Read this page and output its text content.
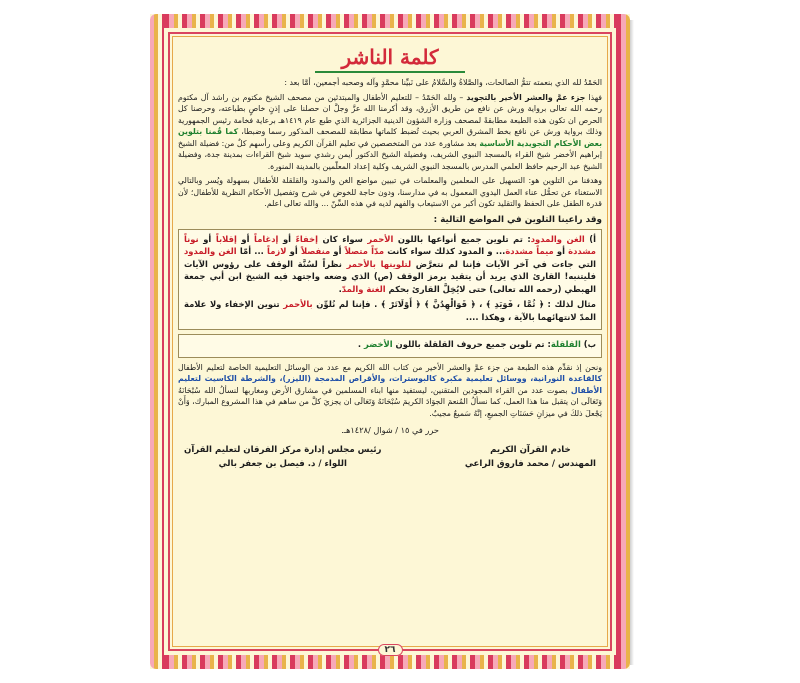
كلمة الناشر

الحَمْدُ لله الذي بنعمته تتمُّ الصالحات، والصَّلاةُ والسَّلامُ على نَبيِّنا محمَّدٍ وآله وصحبه أجمعين، أمَّا بعد :

فهذا جزء عمَّ والعشر الأخير بالتجويد – ولله الحَمْدُ – للتعليم الأطفال والمبتدئين من مصحف الشيخ مكتوم بن راشد آل مكتوم رحمه الله تعالى برواية ورش عن نافع من طريق الأزرق، وقد أكرمنا الله عزَّ وجلَّ ان حصلنا على إذنٍ خاصٍ بطباعته، وحرصنا كل الحرص ان تكون هذه الطبعة مطابقةً لمصحف وزارة الشؤون الدينية الجزائرية الذي طبع عام ١٤١٩هـ برعاية فخامة رئيس الجمهورية وذلك برواية ورش عن نافع بخط المشرق العربي بحيث تُضبط كلماتها مطابقة للمصحف المذكور رسما وضبطا، كما قُمنا بتلوين بعض الأحكام التجويدية الأساسية بعد مشاورة عدد من المتخصصين في تعليم القرآن الكريم وعلى رأسهم كلٌ من: فضيلة الشيخ إبراهيم الأخضر شيخ القراء بالمسجد النبوي الشريف، وفضيلة الشيخ الدكتور أيمن رشدي سويد شيخ القراءات بمدينة جدة، وفضيلة الشيخ عبد الرحيم حافظ العلمي المدرس بالمسجد النبوي الشريف وكلية إعداد المعلّمين بالمدينة المنورة.

وهدفنا من التلوين هو: التسهيل على المعلمين والمعلمات في تبيين مواضع الغن والمدود والقلقلة للأطفال بسهولة ويُسر وبالتالي الاستغناء عن تحمُّل عناء العمل اليدوي المعمول به في مدارسنا، ودون حاجة للخوض في شرح وتفصيل الأحكام النظرية للأطفال؛ لأن قدرة الطفل على الحفظ والتقليد تكون أكبر من الاستيعاب والفهم لديه في هذه السِّنّ ... والله تعالى اعلم.

وقد راعينا التلوين في المواضع التالية :

أ) الغن والمدود: تم تلوين جميع أنواعها باللون الأحمر سواء كان إخفاءً أو إدغاماً أو إقلاباً أو نوناً مشددة أو ميماً مشددة... و المدود كذلك سواء كانت مدّاً متصلاً أو منفصلاً أو لازماً ... أمّا الغن والمدود التي جاءت في آخر الآيات فإننا لم نتعرَّض لتلوينها بالأحمر نظراً لسُنَّة الوقف على رؤوس الآيات فليتنبه! القارئ الذي يريد أن يتقيد برمز الوقف (ص) الذي وضعه واجتهد فيه الشيخ ابن أبي جمعة الهبطي (رحمه الله تعالى) حتى لايُخِلَّ القارئ بحكم الغنة والمدّ.

مثال لذلك : ﴿ ثُمَّا ، فَوَيَدِ ﴾ ، ﴿ قَوَالْهِدُنَّ ﴾ ﴿ أَوْلَاتَرْ ﴾ . فإننا لم نُلوِّن بالأحمر تنوين الإخفاء ولا علامة المدّ لانتهائهما بالآية ، وهكذا ....

ب) القلقلة: تم تلوين جميع حروف القلقلة باللون الأخضر .

ونحن إذ نقدِّم هذه الطبعة من جزء عمَّ والعشر الأخير من كتاب الله الكريم مع عدد من الوسائل التعليمية الخاصة لتعليم الأطفال كالقاعدة النورانية، ووسائل تعليمية مكبرة كالبوسترات، والأقراص المدمجة (الليزر)، والشرطة الكاسيت لتعليم الأطفال بصوت عدد من القراء المجودين المتقنين، ليستفيد منها ابناء المسلمين في مشارق الأرض ومغاربها لنسألُ الله سُبْحَانَهُ وَتَعَالَى ان يتقبل منا هذا العمل، كما نسألُ المُنعمَ الجوَادَ الكريمَ سُبْحَانَهُ وَتَعَالَى ان يجزيَ كلَّ من ساهم في هذا المشروع المبارك، وَأَنْ يَجْعلَ ذلكَ في ميزانِ حَسَنَاتِ الجميعِ، إنَّهُ سَميعٌ مجيبٌ.

حرر في ١٥ / شوال /١٤٢٨هـ.
خادم القرآن الكريم
المهندس / محمد فاروق الراعي
رئيس مجلس إدارة مركز الفرقان لتعليم القرآن
اللواء / د. فيصل بن جعفر بالي
٢٦
